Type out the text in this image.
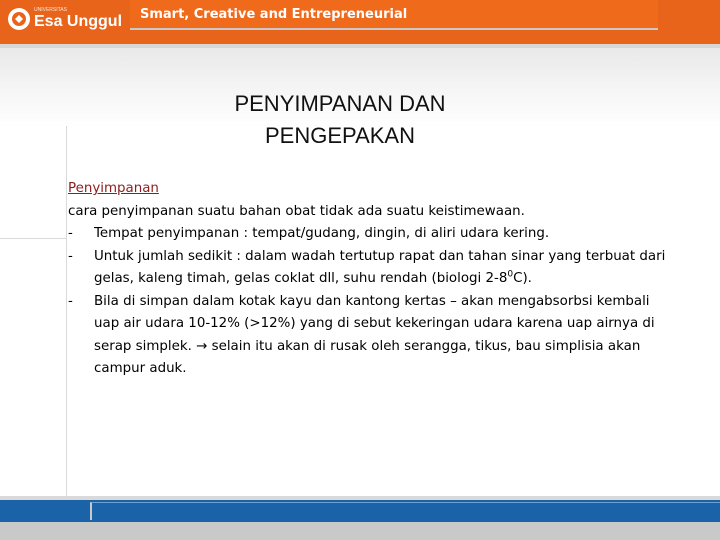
UNIVERSITAS
Esa Unggul Smart, Creative and Entrepreneurial
PENYIMPANAN DAN
PENGEPAKAN
Penyimpanan
cara penyimpanan suatu bahan obat tidak ada suatu keistimewaan.
- Tempat penyimpanan : tempat/gudang, dingin, di aliri udara kering.
- Untuk jumlah sedikit : dalam wadah tertutup rapat dan tahan sinar yang terbuat dari gelas, kaleng timah, gelas coklat dll, suhu rendah (biologi $2-8^0C$).
- Bila di simpan dalam kotak kayu dan kantong kertas – akan mengabsorbsi kembali uap air udara 10-12% (>12%) yang di sebut kekeringan udara karena uap airnya di serap simplek. → selain itu akan di rusak oleh serangga, tikus, bau simplisia akan campur aduk.
